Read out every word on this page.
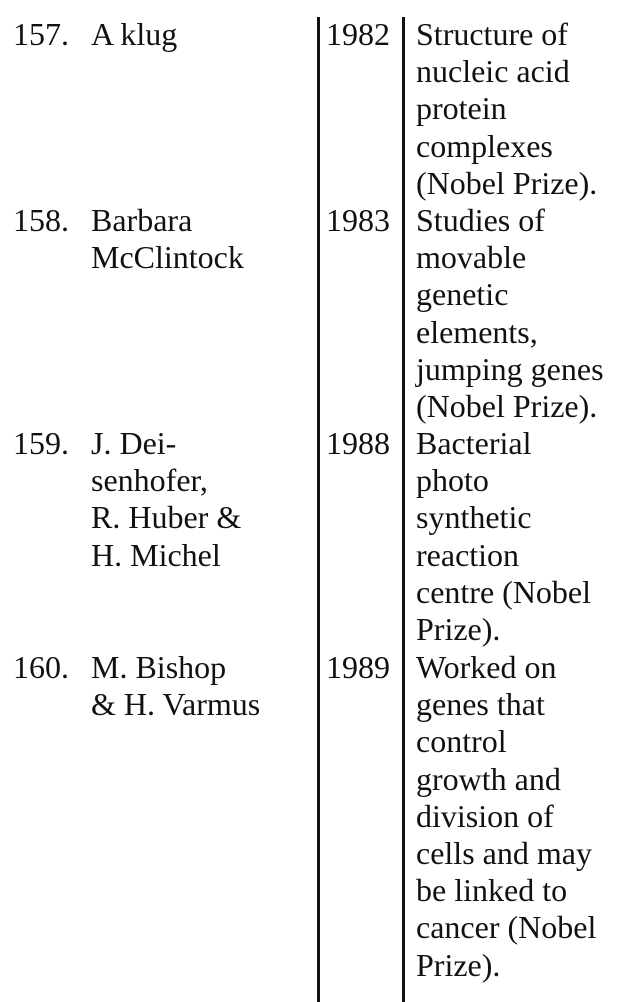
157. A klug	1982 Structure of
nucleic acid
protein
complexes
(Nobel Prize).
158. Barbara
McClintock
1983 Studies of
movable
genetic
elements,
jumping genes
(Nobel Prize).
159. J. Dei-
senhofer,
R. Huber &
H. Michel
1988 Bacterial
photo
synthetic
reaction
centre (Nobel
Prize).
160. M. Bishop
& H. Varmus
1989 Worked on
genes that
control
growth and
division of
cells and may
be linked to
cancer (Nobel
Prize).
